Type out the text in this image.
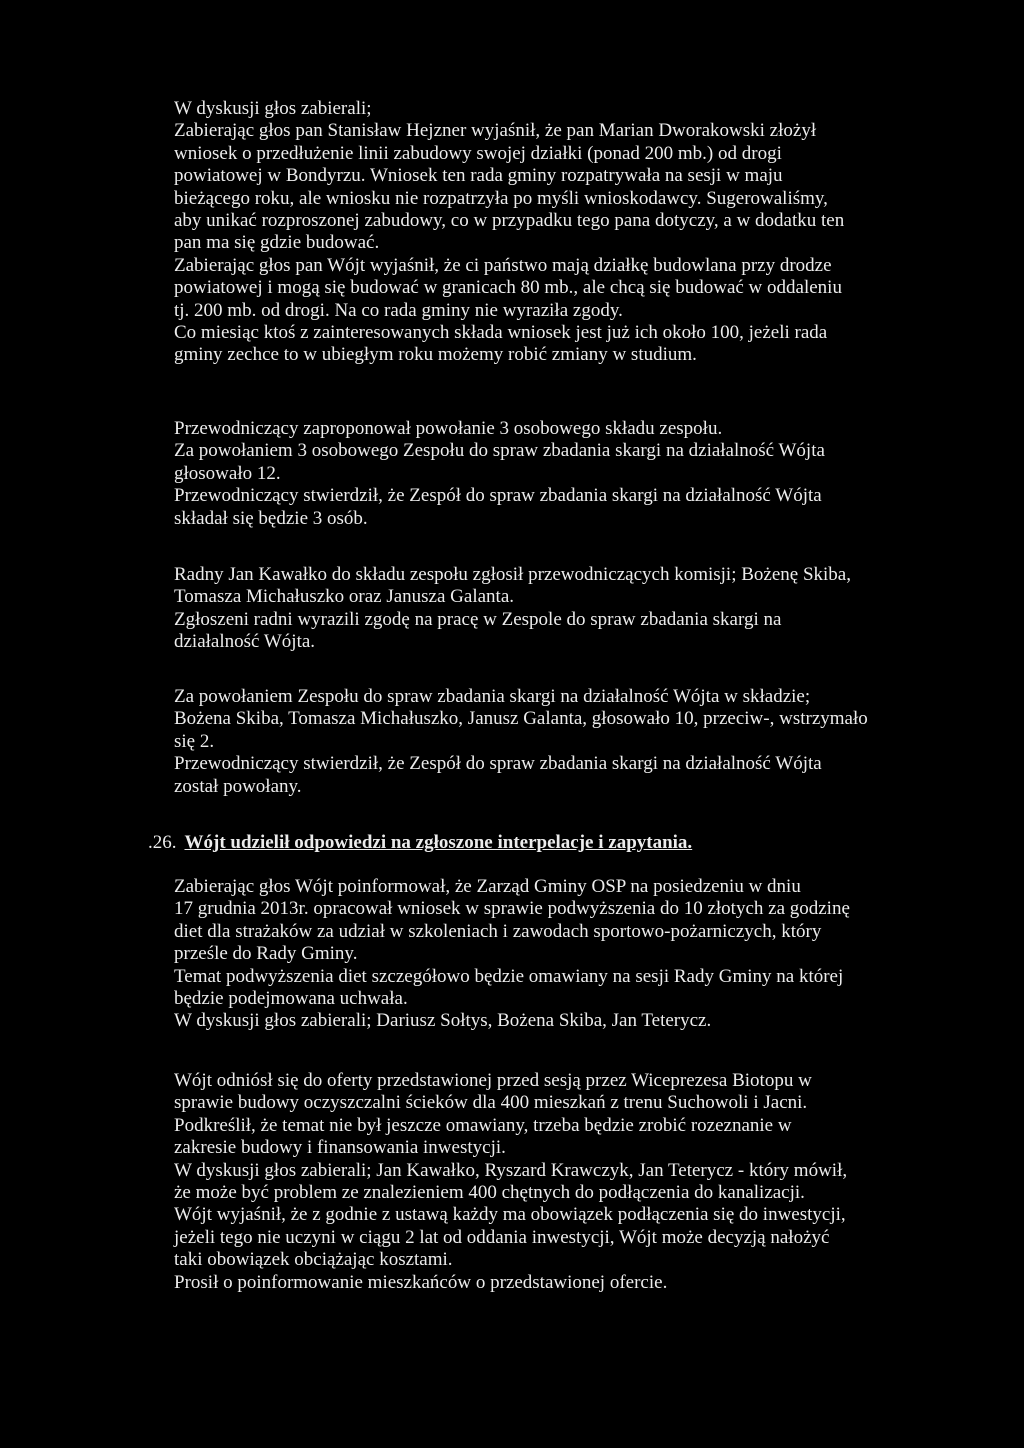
W dyskusji głos zabierali;
Zabierając głos pan Stanisław Hejzner wyjaśnił, że pan Marian Dworakowski złożył
wniosek o przedłużenie linii zabudowy swojej działki (ponad 200 mb.) od drogi
powiatowej w Bondyrzu. Wniosek ten rada gminy rozpatrywała na sesji w maju
bieżącego roku, ale wniosku nie rozpatrzyła po myśli wnioskodawcy. Sugerowaliśmy,
aby unikać rozproszonej zabudowy, co w przypadku tego pana dotyczy, a w dodatku ten
pan ma się gdzie budować.
Zabierając głos pan Wójt wyjaśnił, że ci państwo mają działkę budowlana przy drodze
powiatowej i mogą się budować w granicach 80 mb., ale chcą się budować w oddaleniu
tj. 200 mb. od drogi. Na co rada gminy nie wyraziła zgody.
Co miesiąc ktoś z zainteresowanych składa wniosek jest już ich około 100, jeżeli rada
gminy zechce to w ubiegłym roku możemy robić zmiany w studium.
Przewodniczący zaproponował powołanie 3 osobowego składu zespołu.
Za powołaniem 3 osobowego Zespołu do spraw zbadania skargi na działalność Wójta
głosowało 12.
Przewodniczący stwierdził, że Zespół do spraw zbadania skargi na działalność Wójta
składał się będzie 3 osób.
Radny Jan Kawałko do składu zespołu zgłosił przewodniczących komisji; Bożenę Skiba,
Tomasza Michałuszko oraz Janusza Galanta.
Zgłoszeni radni wyrazili zgodę na pracę w Zespole do spraw zbadania skargi na
działalność Wójta.
Za powołaniem Zespołu do spraw zbadania skargi na działalność Wójta w składzie;
Bożena Skiba, Tomasza Michałuszko, Janusz Galanta, głosowało 10, przeciw-, wstrzymało
się 2.
Przewodniczący stwierdził, że Zespół do spraw zbadania skargi na działalność Wójta
został powołany.
.26. Wójt udzielił odpowiedzi na zgłoszone interpelacje i zapytania.
Zabierając głos Wójt poinformował, że Zarząd Gminy OSP na posiedzeniu w dniu
17 grudnia 2013r. opracował wniosek w sprawie podwyższenia do 10 złotych za godzinę
diet dla strażaków za udział w szkoleniach i zawodach sportowo-pożarniczych, który
prześle do Rady Gminy.
Temat podwyższenia diet szczegółowo będzie omawiany na sesji Rady Gminy na której
będzie podejmowana uchwała.
W dyskusji głos zabierali; Dariusz Sołtys, Bożena Skiba, Jan Teterycz.
Wójt odniósł się do oferty przedstawionej przed sesją przez Wiceprezesa Biotopu w
sprawie budowy oczyszczalni ścieków dla 400 mieszkań z trenu Suchowoli i Jacni.
Podkreślił, że temat nie był jeszcze omawiany, trzeba będzie zrobić rozeznanie w
zakresie budowy i finansowania inwestycji.
W dyskusji głos zabierali; Jan Kawałko, Ryszard Krawczyk, Jan Teterycz - który mówił,
że może być problem ze znalezieniem 400 chętnych do podłączenia do kanalizacji.
Wójt wyjaśnił, że z godnie z ustawą każdy ma obowiązek podłączenia się do inwestycji,
jeżeli tego nie uczyni w ciągu 2 lat od oddania inwestycji, Wójt może decyzją nałożyć
taki obowiązek obciążając kosztami.
Prosił o poinformowanie mieszkańców o przedstawionej ofercie.
